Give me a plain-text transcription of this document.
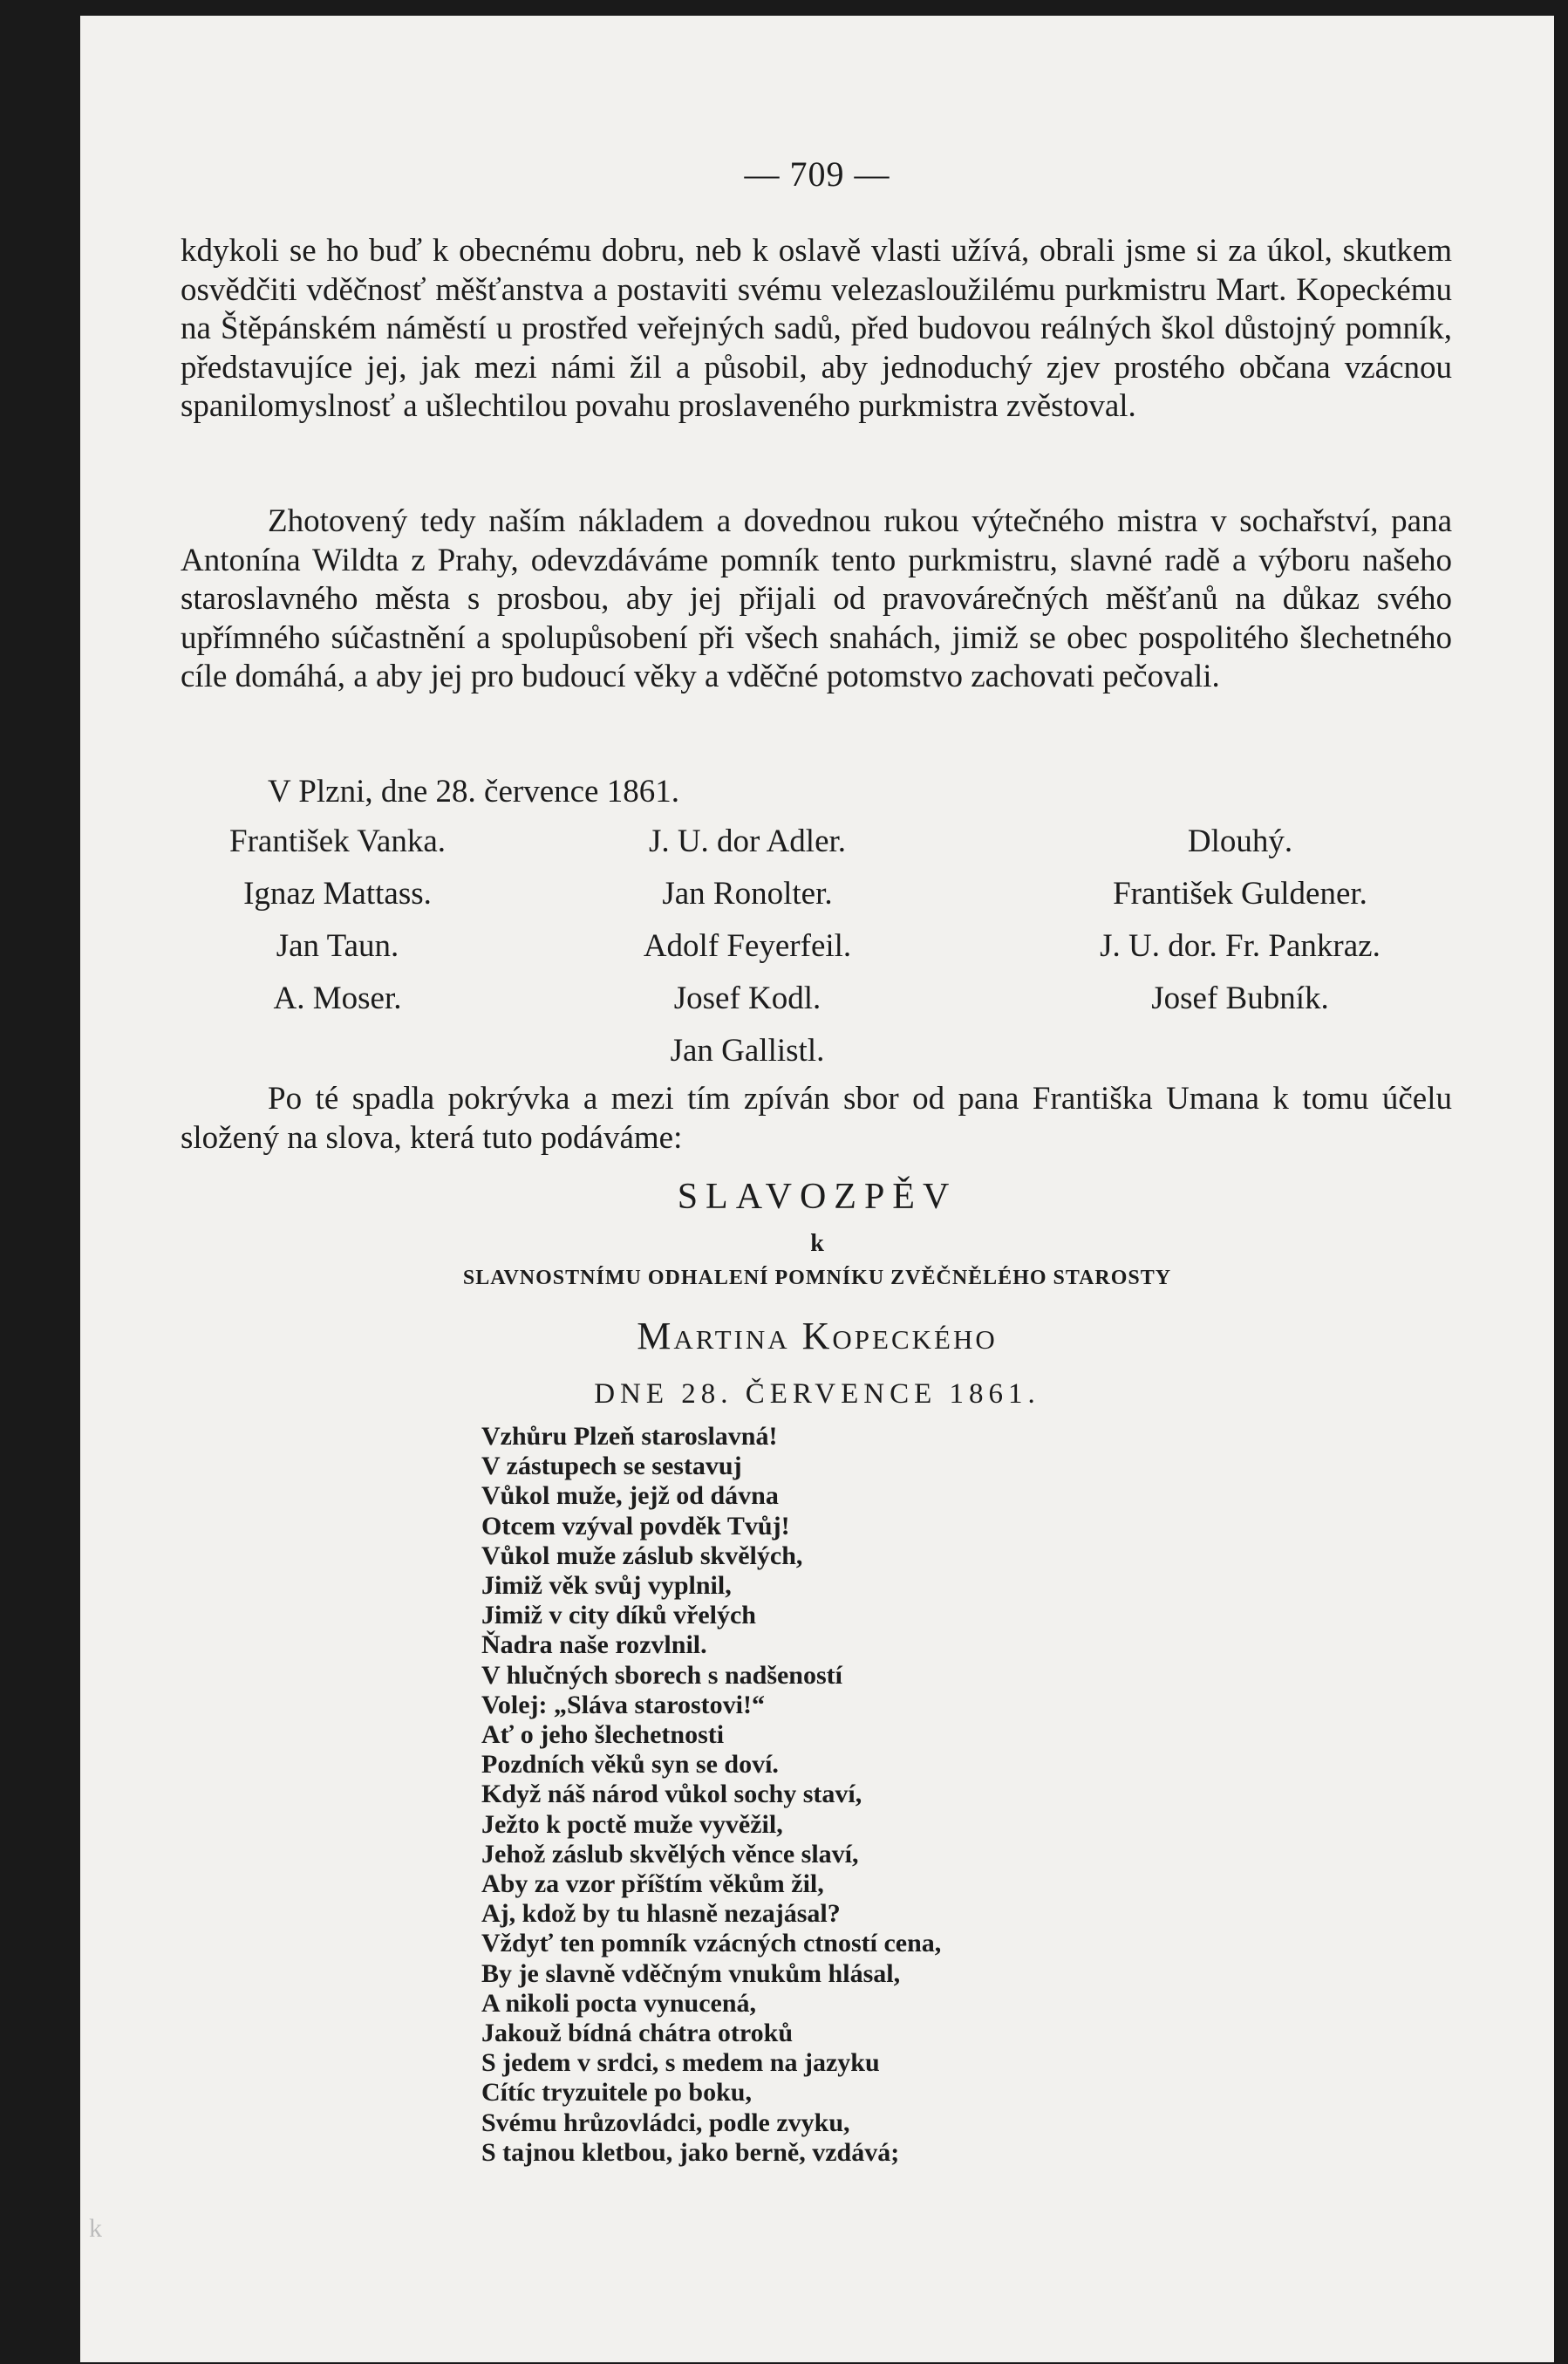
k
— 709 —

kdykoli se ho buď k obecnému dobru, neb k oslavě vlasti užívá, obrali jsme si za úkol, skutkem osvědčiti vděčnosť měšťanstva a postaviti svému velezasloužilému purkmistru Mart. Kopeckému na Štěpánském náměstí u prostřed veřejných sadů, před budovou reálných škol důstojný pomník, představujíce jej, jak mezi námi žil a působil, aby jednoduchý zjev prostého občana vzácnou spanilomyslnosť a ušlechtilou povahu proslaveného purkmistra zvěstoval.

Zhotovený tedy naším nákladem a dovednou rukou výtečného mistra v sochařství, pana Antonína Wildta z Prahy, odevzdáváme pomník tento purkmistru, slavné radě a výboru našeho staroslavného města s prosbou, aby jej přijali od pravovárečných měšťanů na důkaz svého upřímného súčastnění a spolupůsobení při všech snahách, jimiž se obec pospolitého šlechetného cíle domáhá, a aby jej pro budoucí věky a vděčné potomstvo zachovati pečovali.

V Plzni, dne 28. července 1861.
František Vanka.	J. U. dor Adler.	Dlouhý.
Ignaz Mattass.	Jan Ronolter.	František Guldener.
Jan Taun.	Adolf Feyerfeil.	J. U. dor. Fr. Pankraz.
A. Moser.	Josef Kodl.	Josef Bubník.
	Jan Gallistl.	

Po té spadla pokrývka a mezi tím zpíván sbor od pana Františka Umana k tomu účelu složený na slova, která tuto podáváme:

SLAVOZPĚV
k
SLAVNOSTNÍMU ODHALENÍ POMNÍKU ZVĚČNĚLÉHO STAROSTY
Martina Kopeckého
DNE 28. ČERVENCE 1861.
Vzhůru Plzeň staroslavná!
V zástupech se sestavuj
Vůkol muže, jejž od dávna
Otcem vzýval povděk Tvůj!
Vůkol muže záslub skvělých,
Jimiž věk svůj vyplnil,
Jimiž v city díků vřelých
Ňadra naše rozvlnil.
V hlučných sborech s nadšeností
Volej: „Sláva starostovi!“
Ať o jeho šlechetnosti
Pozdních věků syn se doví.
Když náš národ vůkol sochy staví,
Ježto k poctě muže vyvěžil,
Jehož záslub skvělých věnce slaví,
Aby za vzor příštím věkům žil,
Aj, kdož by tu hlasně nezajásal?
Vždyť ten pomník vzácných ctností cena,
By je slavně vděčným vnukům hlásal,
A nikoli pocta vynucená,
Jakouž bídná chátra otroků
S jedem v srdci, s medem na jazyku
Cítíc tryzuitele po boku,
Svému hrůzovládci, podle zvyku,
S tajnou kletbou, jako berně, vzdává;
